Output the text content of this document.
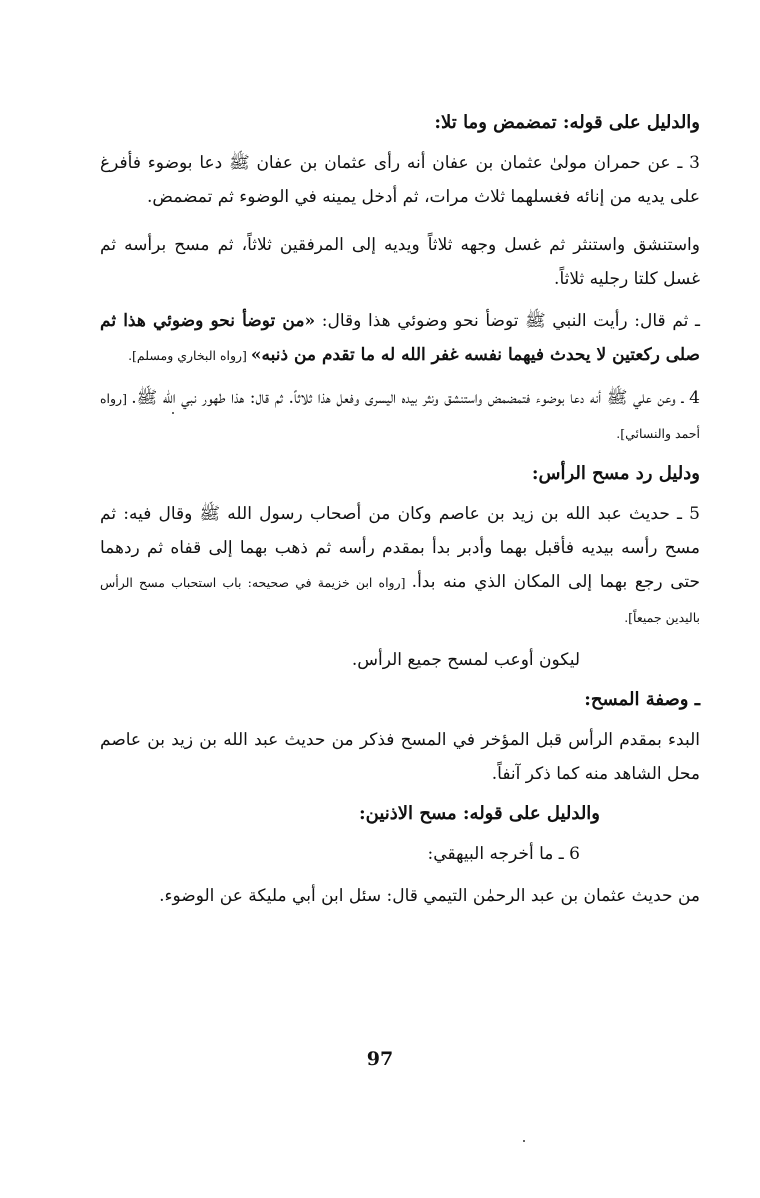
والدليل على قوله: تمضمض وما تلا:
3 ـ عن حمران مولىٰ عثمان بن عفان أنه رأى عثمان بن عفان ﷺ دعا بوضوء فأفرغ على يديه من إنائه فغسلهما ثلاث مرات، ثم أدخل يمينه في الوضوء ثم تمضمض.
واستنشق واستنثر ثم غسل وجهه ثلاثاً ويديه إلى المرفقين ثلاثاً، ثم مسح برأسه ثم غسل كلتا رجليه ثلاثاً.
ـ ثم قال: رأيت النبي ﷺ توضأ نحو وضوئي هذا وقال: «من توضأ نحو وضوئي هذا ثم صلى ركعتين لا يحدث فيهما نفسه غفر الله له ما تقدم من ذنبه» [رواه البخاري ومسلم].
4 ـ وعن علي ﷺ أنه دعا بوضوء فتمضمض واستنشق ونثر بيده اليسرى وفعل هذا ثلاثاً. ثم قال: هذا طهور نبي الله ﷺ. [رواه أحمد والنسائي].
ودليل رد مسح الرأس:
5 ـ حديث عبد الله بن زيد بن عاصم وكان من أصحاب رسول الله ﷺ وقال فيه: ثم مسح رأسه بيديه فأقبل بهما وأدبر بدأ بمقدم رأسه ثم ذهب بهما إلى قفاه ثم ردهما حتى رجع بهما إلى المكان الذي منه بدأ. [رواه ابن خزيمة في صحيحه: باب استحباب مسح الرأس باليدين جميعاً].
ليكون أوعب لمسح جميع الرأس.
ـ وصفة المسح:
البدء بمقدم الرأس قبل المؤخر في المسح فذكر من حديث عبد الله بن زيد بن عاصم محل الشاهد منه كما ذكر آنفاً.
والدليل على قوله: مسح الاذنين:
6 ـ ما أخرجه البيهقي:
من حديث عثمان بن عبد الرحمٰن التيمي قال: سئل ابن أبي مليكة عن الوضوء.
97
